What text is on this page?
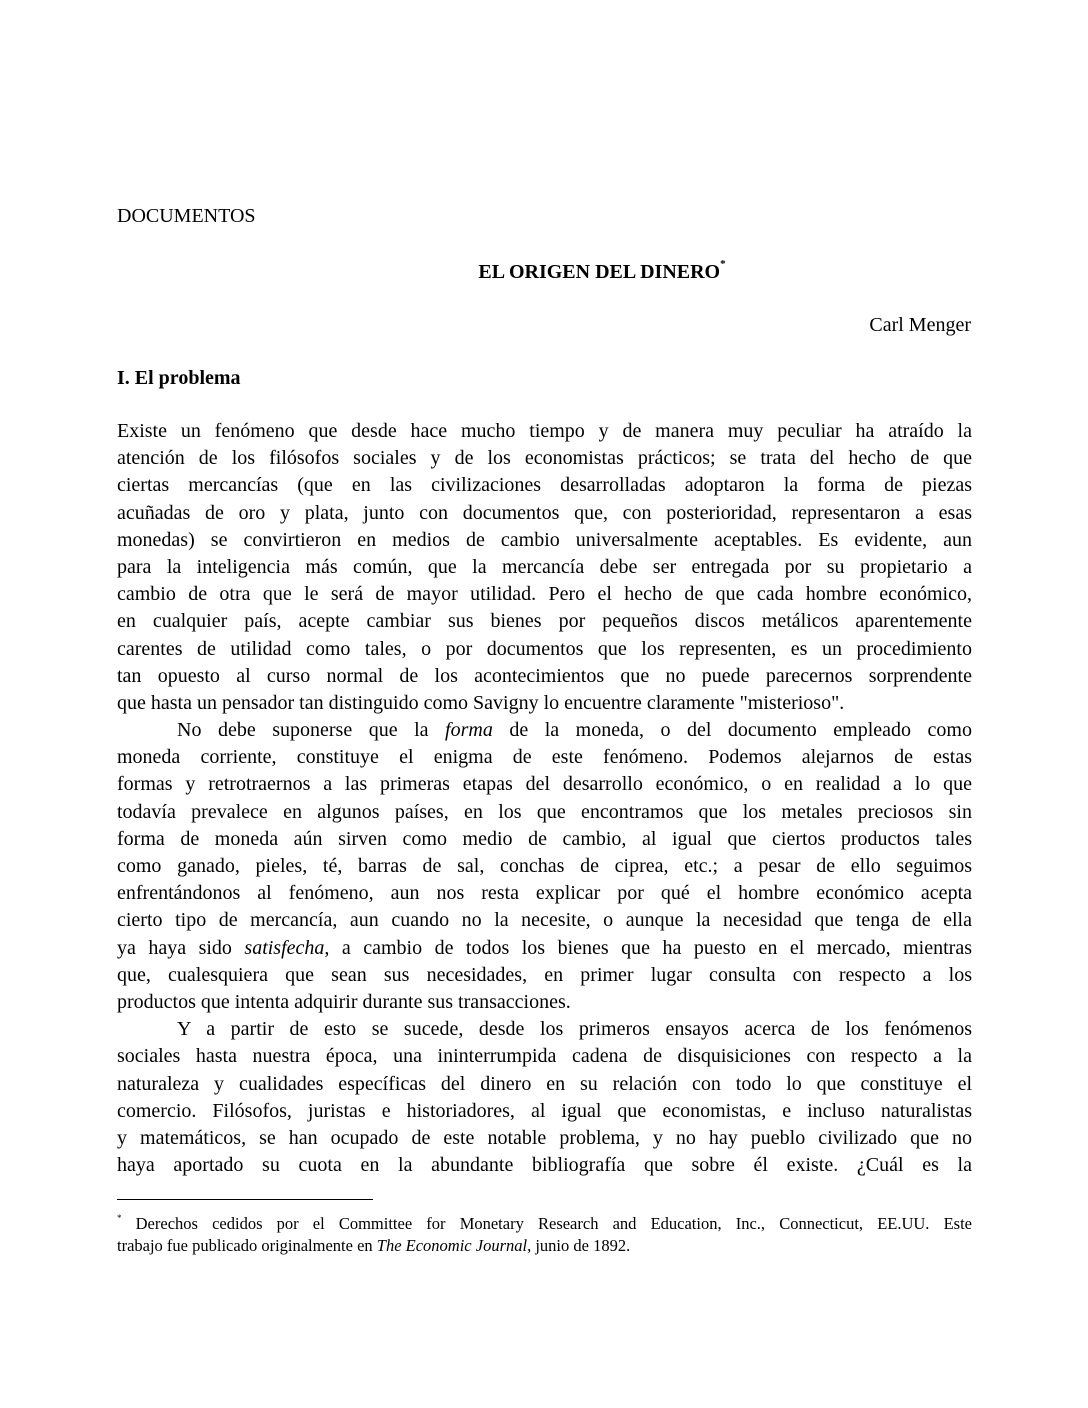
DOCUMENTOS
EL ORIGEN DEL DINERO*
Carl Menger
I. El problema
Existe un fenómeno que desde hace mucho tiempo y de manera muy peculiar ha atraído la
atención de los filósofos sociales y de los economistas prácticos; se trata del hecho de que
ciertas mercancías (que en las civilizaciones desarrolladas adoptaron la forma de piezas
acuñadas de oro y plata, junto con documentos que, con posterioridad, representaron a esas
monedas) se convirtieron en medios de cambio universalmente aceptables. Es evidente, aun
para la inteligencia más común, que la mercancía debe ser entregada por su propietario a
cambio de otra que le será de mayor utilidad. Pero el hecho de que cada hombre económico,
en cualquier país, acepte cambiar sus bienes por pequeños discos metálicos aparentemente
carentes de utilidad como tales, o por documentos que los representen, es un procedimiento
tan opuesto al curso normal de los acontecimientos que no puede parecernos sorprendente
que hasta un pensador tan distinguido como Savigny lo encuentre claramente "misterioso".
No debe suponerse que la forma de la moneda, o del documento empleado como
moneda corriente, constituye el enigma de este fenómeno. Podemos alejarnos de estas
formas y retrotraernos a las primeras etapas del desarrollo económico, o en realidad a lo que
todavía prevalece en algunos países, en los que encontramos que los metales preciosos sin
forma de moneda aún sirven como medio de cambio, al igual que ciertos productos tales
como ganado, pieles, té, barras de sal, conchas de ciprea, etc.; a pesar de ello seguimos
enfrentándonos al fenómeno, aun nos resta explicar por qué el hombre económico acepta
cierto tipo de mercancía, aun cuando no la necesite, o aunque la necesidad que tenga de ella
ya haya sido satisfecha, a cambio de todos los bienes que ha puesto en el mercado, mientras
que, cualesquiera que sean sus necesidades, en primer lugar consulta con respecto a los
productos que intenta adquirir durante sus transacciones.
Y a partir de esto se sucede, desde los primeros ensayos acerca de los fenómenos
sociales hasta nuestra época, una ininterrumpida cadena de disquisiciones con respecto a la
naturaleza y cualidades específicas del dinero en su relación con todo lo que constituye el
comercio. Filósofos, juristas e historiadores, al igual que economistas, e incluso naturalistas
y matemáticos, se han ocupado de este notable problema, y no hay pueblo civilizado que no
haya aportado su cuota en la abundante bibliografía que sobre él existe. ¿Cuál es la
* Derechos cedidos por el Committee for Monetary Research and Education, Inc., Connecticut, EE.UU. Este
trabajo fue publicado originalmente en The Economic Journal, junio de 1892.
